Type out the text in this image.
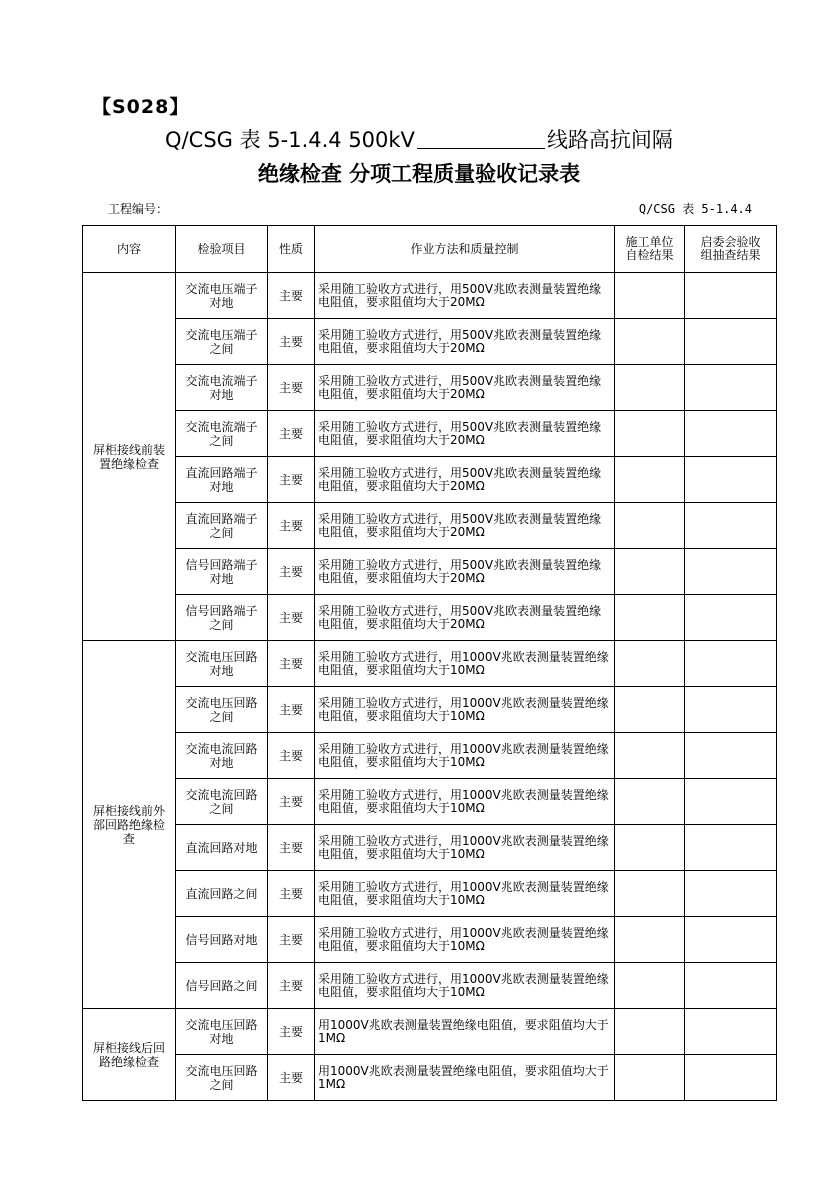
【S028】
Q/CSG 表 5-1.4.4 500kV	线路高抗间隔
绝缘检查 分项工程质量验收记录表
工程编号：	Q/CSG 表 5-1.4.4
内容	检验项目	性质	作业方法和质量控制	施工单位自检结果	启委会验收组抽查结果
屏柜接线前装置绝缘检查	交流电压端子对地	主要	采用随工验收方式进行，用500V兆欧表测量装置绝缘电阻值，要求阻值均大于20MΩ		
	交流电压端子之间	主要	采用随工验收方式进行，用500V兆欧表测量装置绝缘电阻值，要求阻值均大于20MΩ		
	交流电流端子对地	主要	采用随工验收方式进行，用500V兆欧表测量装置绝缘电阻值，要求阻值均大于20MΩ		
	交流电流端子之间	主要	采用随工验收方式进行，用500V兆欧表测量装置绝缘电阻值，要求阻值均大于20MΩ		
	直流回路端子对地	主要	采用随工验收方式进行，用500V兆欧表测量装置绝缘电阻值，要求阻值均大于20MΩ		
	直流回路端子之间	主要	采用随工验收方式进行，用500V兆欧表测量装置绝缘电阻值，要求阻值均大于20MΩ		
	信号回路端子对地	主要	采用随工验收方式进行，用500V兆欧表测量装置绝缘电阻值，要求阻值均大于20MΩ		
	信号回路端子之间	主要	采用随工验收方式进行，用500V兆欧表测量装置绝缘电阻值，要求阻值均大于20MΩ		
屏柜接线前外部回路绝缘检查	交流电压回路对地	主要	采用随工验收方式进行，用1000V兆欧表测量装置绝缘电阻值，要求阻值均大于10MΩ		
	交流电压回路之间	主要	采用随工验收方式进行，用1000V兆欧表测量装置绝缘电阻值，要求阻值均大于10MΩ		
	交流电流回路对地	主要	采用随工验收方式进行，用1000V兆欧表测量装置绝缘电阻值，要求阻值均大于10MΩ		
	交流电流回路之间	主要	采用随工验收方式进行，用1000V兆欧表测量装置绝缘电阻值，要求阻值均大于10MΩ		
	直流回路对地	主要	采用随工验收方式进行，用1000V兆欧表测量装置绝缘电阻值，要求阻值均大于10MΩ		
	直流回路之间	主要	采用随工验收方式进行，用1000V兆欧表测量装置绝缘电阻值，要求阻值均大于10MΩ		
	信号回路对地	主要	采用随工验收方式进行，用1000V兆欧表测量装置绝缘电阻值，要求阻值均大于10MΩ		
	信号回路之间	主要	采用随工验收方式进行，用1000V兆欧表测量装置绝缘电阻值，要求阻值均大于10MΩ		
屏柜接线后回路绝缘检查	交流电压回路对地	主要	用1000V兆欧表测量装置绝缘电阻值，要求阻值均大于1MΩ		
	交流电压回路之间	主要	用1000V兆欧表测量装置绝缘电阻值，要求阻值均大于1MΩ		
